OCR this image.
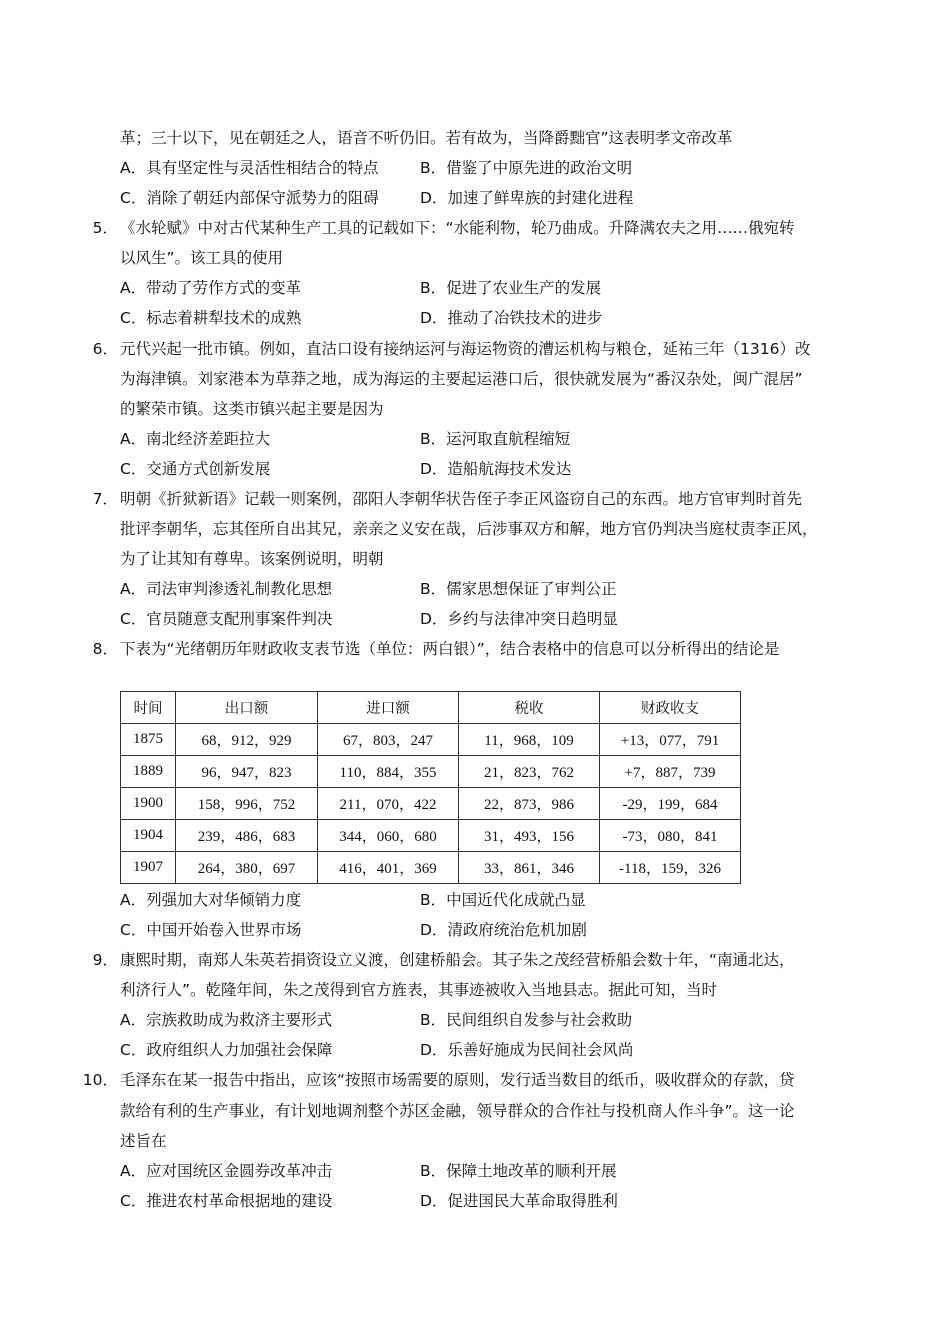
革；三十以下，见在朝廷之人，语音不听仍旧。若有故为，当降爵黜官”这表明孝文帝改革
A．具有坚定性与灵活性相结合的特点	B．借鉴了中原先进的政治文明
C．消除了朝廷内部保守派势力的阻碍	D．加速了鲜卑族的封建化进程
5． 《水轮赋》中对古代某种生产工具的记载如下：“水能利物，轮乃曲成。升降满农夫之用……俄宛转
以风生”。该工具的使用
A．带动了劳作方式的变革	B．促进了农业生产的发展
C．标志着耕犁技术的成熟	D．推动了冶铁技术的进步
6． 元代兴起一批市镇。例如，直沽口设有接纳运河与海运物资的漕运机构与粮仓，延祐三年（1316）改
为海津镇。刘家港本为草莽之地，成为海运的主要起运港口后，很快就发展为“番汉杂处，闽广混居”
的繁荣市镇。这类市镇兴起主要是因为
A．南北经济差距拉大	B．运河取直航程缩短
C．交通方式创新发展	D．造船航海技术发达
7． 明朝《折狱新语》记载一则案例，邵阳人李朝华状告侄子李正风盗窃自己的东西。地方官审判时首先
批评李朝华，忘其侄所自出其兄，亲亲之义安在哉，后涉事双方和解，地方官仍判决当庭杖责李正风，
为了让其知有尊卑。该案例说明，明朝
A．司法审判渗透礼制教化思想	B．儒家思想保证了审判公正
C．官员随意支配刑事案件判决	D．乡约与法律冲突日趋明显
8． 下表为“光绪朝历年财政收支表节选（单位：两白银）”，结合表格中的信息可以分析得出的结论是
时间	出口额	进口额	税收	财政收支
1875	68，912，929	67，803，247	11，968，109	+13，077，791
1889	96，947，823	110，884，355	21，823，762	+7，887，739
1900	158，996，752	211，070，422	22，873，986	-29，199，684
1904	239，486，683	344，060，680	31，493，156	-73，080，841
1907	264，380，697	416，401，369	33，861，346	-118，159，326
A．列强加大对华倾销力度	B．中国近代化成就凸显
C．中国开始卷入世界市场	D．清政府统治危机加剧
9． 康熙时期，南郑人朱英若捐资设立义渡，创建桥船会。其子朱之茂经营桥船会数十年，“南通北达，
利济行人”。乾隆年间，朱之茂得到官方旌表，其事迹被收入当地县志。据此可知，当时
A．宗族救助成为救济主要形式	B．民间组织自发参与社会救助
C．政府组织人力加强社会保障	D．乐善好施成为民间社会风尚
10． 毛泽东在某一报告中指出，应该“按照市场需要的原则，发行适当数目的纸币，吸收群众的存款，贷
款给有利的生产事业，有计划地调剂整个苏区金融，领导群众的合作社与投机商人作斗争”。这一论
述旨在
A．应对国统区金圆券改革冲击	B．保障土地改革的顺利开展
C．推进农村革命根据地的建设	D．促进国民大革命取得胜利
